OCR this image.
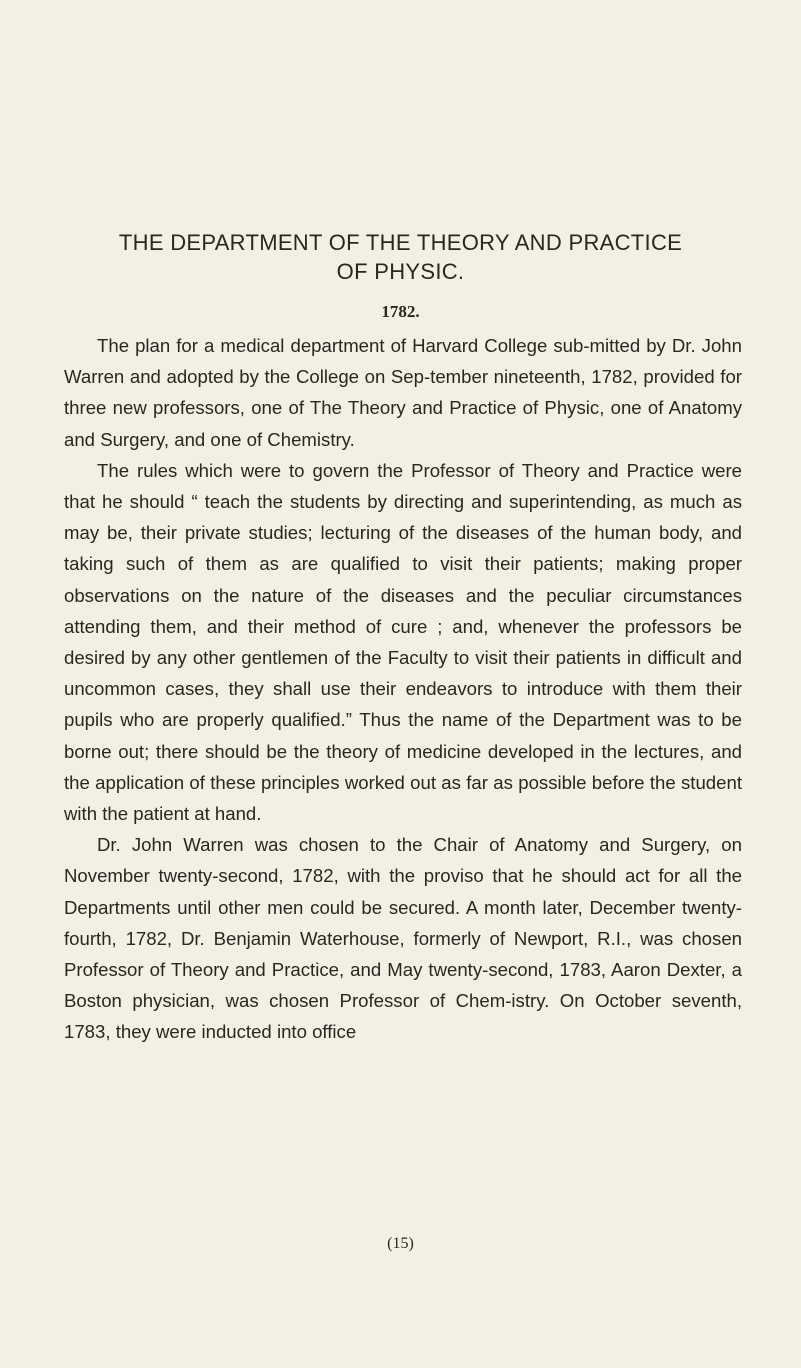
THE DEPARTMENT OF THE THEORY AND PRACTICE
OF PHYSIC.
1782.

The plan for a medical department of Harvard College sub-mitted by Dr. John Warren and adopted by the College on Sep-tember nineteenth, 1782, provided for three new professors, one of The Theory and Practice of Physic, one of Anatomy and Surgery, and one of Chemistry.

The rules which were to govern the Professor of Theory and Practice were that he should “ teach the students by directing and superintending, as much as may be, their private studies; lecturing of the diseases of the human body, and taking such of them as are qualified to visit their patients; making proper observations on the nature of the diseases and the peculiar circumstances attending them, and their method of cure ; and, whenever the professors be desired by any other gentlemen of the Faculty to visit their patients in difficult and uncommon cases, they shall use their endeavors to introduce with them their pupils who are properly qualified.” Thus the name of the Department was to be borne out; there should be the theory of medicine developed in the lectures, and the application of these principles worked out as far as possible before the student with the patient at hand.

Dr. John Warren was chosen to the Chair of Anatomy and Surgery, on November twenty-second, 1782, with the proviso that he should act for all the Departments until other men could be secured. A month later, December twenty-fourth, 1782, Dr. Benjamin Waterhouse, formerly of Newport, R.I., was chosen Professor of Theory and Practice, and May twenty-second, 1783, Aaron Dexter, a Boston physician, was chosen Professor of Chem-istry. On October seventh, 1783, they were inducted into office

(15)
